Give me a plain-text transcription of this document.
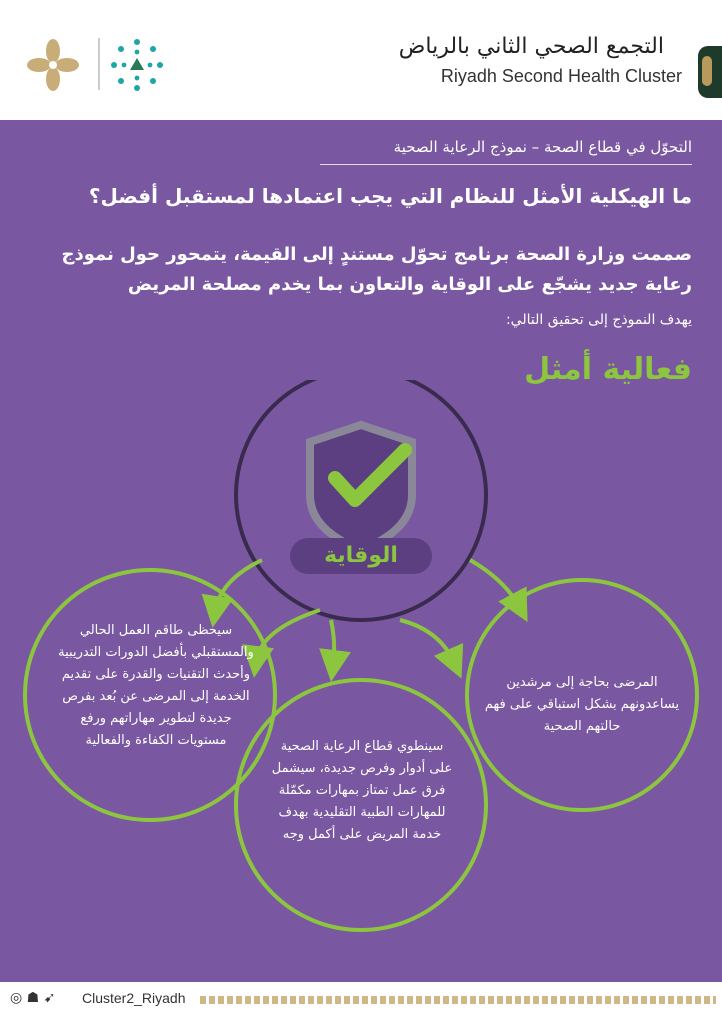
التجمع الصحي الثاني بالرياض
Riyadh Second Health Cluster
التحوّل في قطاع الصحة – نموذج الرعاية الصحية
ما الهيكلية الأمثل للنظام التي يجب اعتمادها لمستقبل أفضل؟
صممت وزارة الصحة برنامج تحوّل مستندٍ إلى القيمة، يتمحور حول نموذج رعاية جديد يشجّع على الوقاية والتعاون بما يخدم مصلحة المريض
يهدف النموذج إلى تحقيق التالي:
فعالية أمثل
الوقاية
سيحظى طاقم العمل الحالي والمستقبلي بأفضل الدورات التدريبية وأحدث التقنيات والقدرة على تقديم الخدمة إلى المرضى عن بُعد بفرص جديدة لتطوير مهاراتهم ورفع مستويات الكفاءة والفعالية	سينطوي قطاع الرعاية الصحية على أدوار وفرص جديدة، سيشمل فرق عمل تمتاز بمهارات مكمّلة للمهارات الطبية التقليدية بهدف خدمة المريض على أكمل وجه
المرضى بحاجة إلى مرشدين يساعدونهم بشكل استباقي على فهم حالتهم الصحية
◎ ☗ ➹ Cluster2_Riyadh
